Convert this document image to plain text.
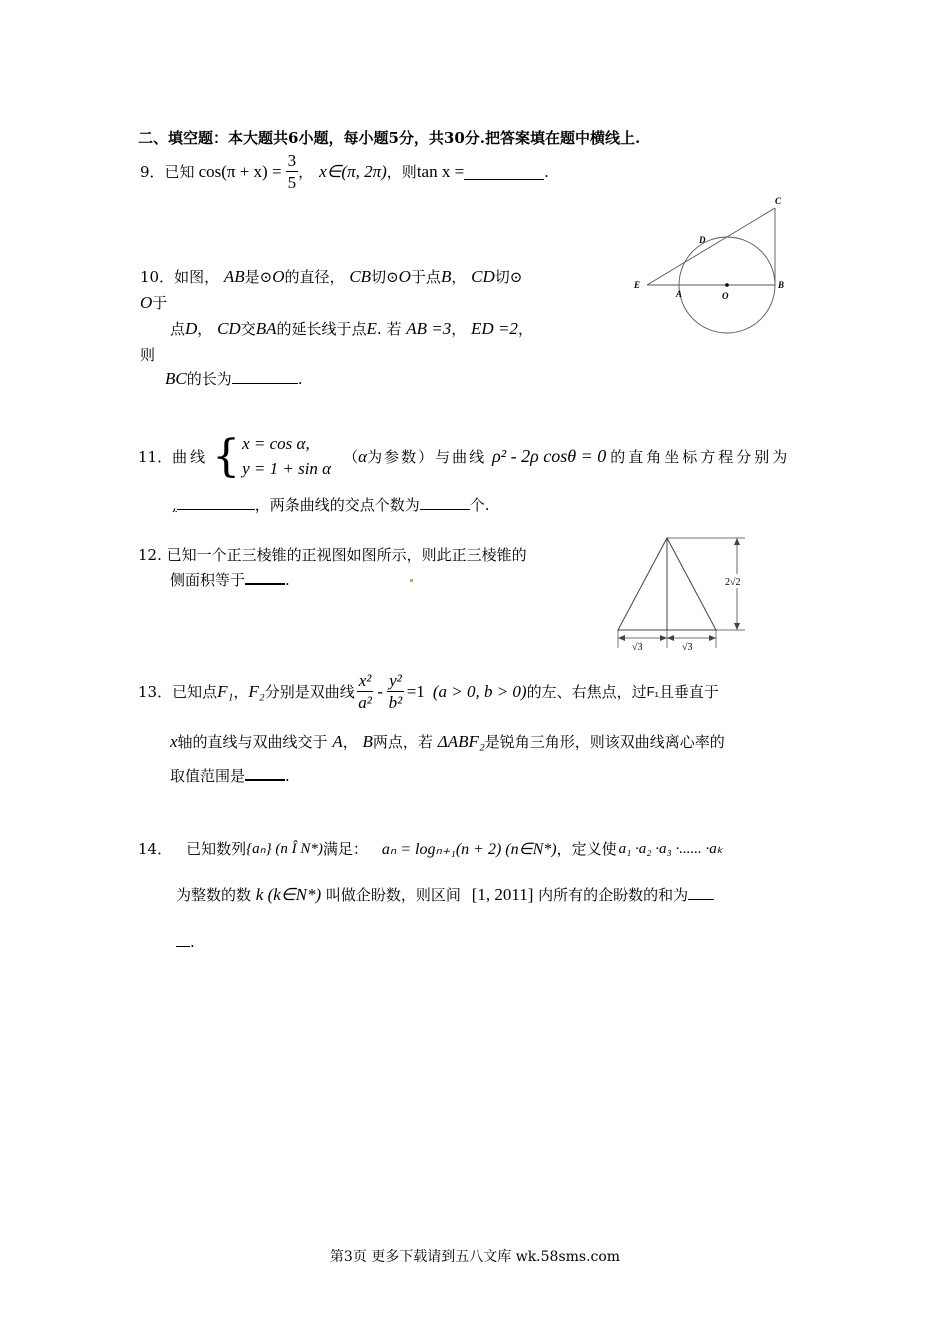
二、填空题：本大题共6小题，每小题5分，共30分.把答案填在题中横线上.
9． 已知 $\cos(\pi + x) = \frac{3}{5}$ ， x∈(π, 2π) ，则 tan x =	.
10．如图， AB是⊙O的直径， CB切⊙O于点B， CD切⊙
O于
点D， CD交BA的延长线于点E. 若 AB =3， ED =2，
则
BC的长为	.
C
D
E
A	O
B
11． 曲线 { x = cos α,
y = 1 + sin α
（ α 为参数）与曲线 ρ² - 2ρ cosθ = 0 的直角坐标方程分别为
,	，两条曲线的交点个数为	个.
12. 已知一个正三棱锥的正视图如图所示，则此正三棱锥的
侧面积等于	.	2√2
√3	√3
13． 已知点 F₁ ， F₂ 分别是双曲线 $\frac{\text{x²}}{\text{a²}} - \frac{\text{y²}}{\text{b²}} =1$ (a > 0, b > 0) 的左、右焦点，过 F₁ 且垂直于
x轴的直线与双曲线交于 A， B两点，若 ΔABF₂是锐角三角形，则该双曲线离心率的
取值范围是	.
14． 已知数列 {aₙ} (n Î N*) 满足： aₙ = logₙ₊₁(n + 2) (n∈N*) ，定义使 a₁ ·a₂ ·a₃ ·...... ·aₖ
为整数的数 k (k∈N*) 叫做企盼数，则区间 [1, 2011] 内所有的企盼数的和为
.
第3页 更多下载请到五八文库 wk.58sms.com
